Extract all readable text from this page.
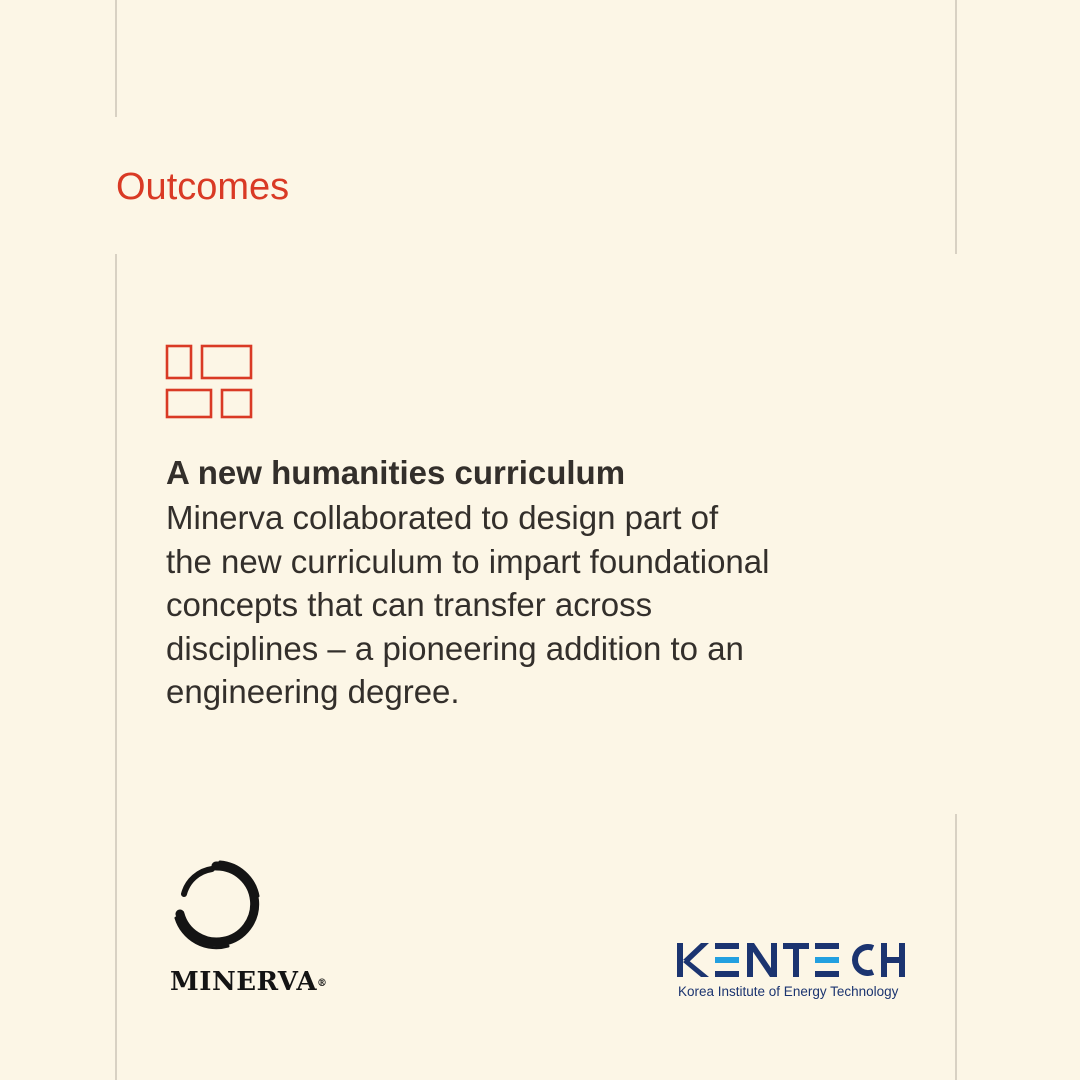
Outcomes
A new humanities curriculum

Minerva collaborated to design part of
the new curriculum to impart foundational
concepts that can transfer across
disciplines – a pioneering addition to an
engineering degree.

MINERVA®
Korea Institute of Energy Technology
